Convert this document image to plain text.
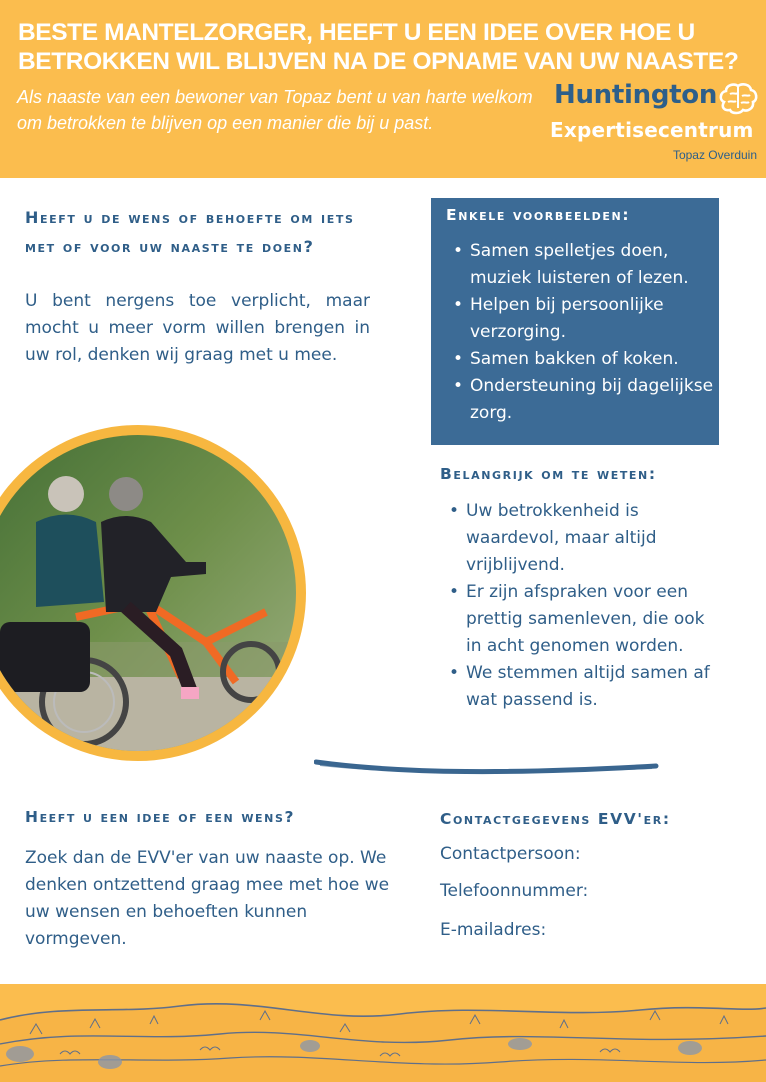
BESTE MANTELZORGER, HEEFT U EEN IDEE OVER HOE U BETROKKEN WIL BLIJVEN NA DE OPNAME VAN UW NAASTE?
Als naaste van een bewoner van Topaz bent u van harte welkom om betrokken te blijven op een manier die bij u past.
Huntington
Expertisecentrum
Topaz Overduin
Heeft u de wens of behoefte om iets met of voor uw naaste te doen?
U bent nergens toe verplicht, maar mocht u meer vorm willen brengen in uw rol, denken wij graag met u mee.
Enkele voorbeelden:
• Samen spelletjes doen, muziek luisteren of lezen.
• Helpen bij persoonlijke verzorging.
• Samen bakken of koken.
• Ondersteuning bij dagelijkse zorg.
Belangrijk om te weten:
• Uw betrokkenheid is waardevol, maar altijd vrijblijvend.
• Er zijn afspraken voor een prettig samenleven, die ook in acht genomen worden.
• We stemmen altijd samen af wat passend is.
Heeft u een idee of een wens?
Zoek dan de EVV'er van uw naaste op. We denken ontzettend graag mee met hoe we uw wensen en behoeften kunnen vormgeven.
Contactgegevens EVV'er:
Contactpersoon:
Telefoonnummer:
E-mailadres:
